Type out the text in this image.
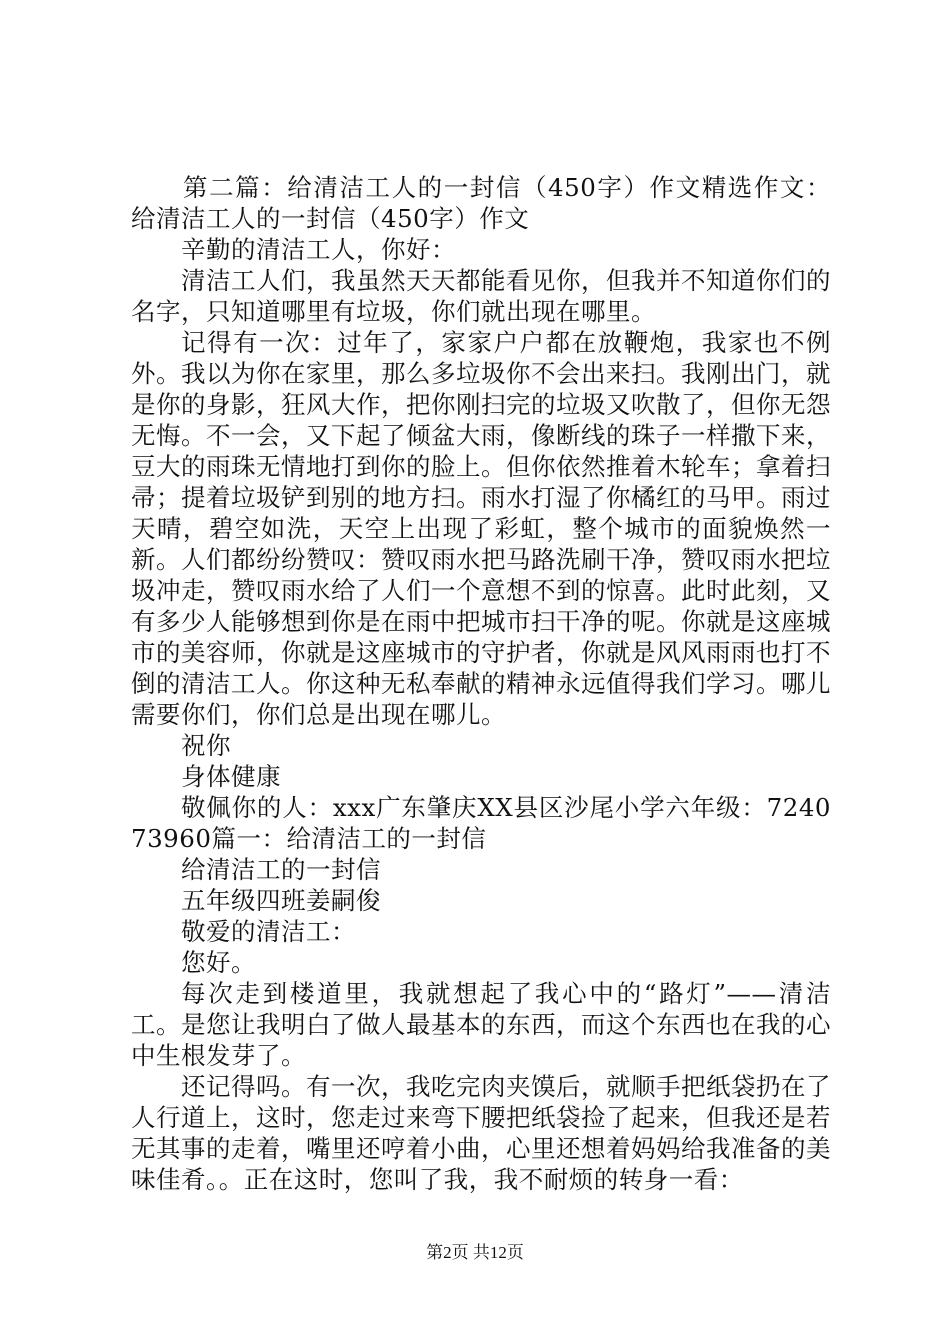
第二篇：给清洁工人的一封信（450字）作文精选作文：给清洁工人的一封信（450字）作文

辛勤的清洁工人，你好：

清洁工人们，我虽然天天都能看见你，但我并不知道你们的名字，只知道哪里有垃圾，你们就出现在哪里。

记得有一次：过年了，家家户户都在放鞭炮，我家也不例外。我以为你在家里，那么多垃圾你不会出来扫。我刚出门，就是你的身影，狂风大作，把你刚扫完的垃圾又吹散了，但你无怨无悔。不一会，又下起了倾盆大雨，像断线的珠子一样撒下来，豆大的雨珠无情地打到你的脸上。但你依然推着木轮车；拿着扫帚；提着垃圾铲到别的地方扫。雨水打湿了你橘红的马甲。雨过天晴，碧空如洗，天空上出现了彩虹，整个城市的面貌焕然一新。人们都纷纷赞叹：赞叹雨水把马路洗刷干净，赞叹雨水把垃圾冲走，赞叹雨水给了人们一个意想不到的惊喜。此时此刻，又有多少人能够想到你是在雨中把城市扫干净的呢。你就是这座城市的美容师，你就是这座城市的守护者，你就是风风雨雨也打不倒的清洁工人。你这种无私奉献的精神永远值得我们学习。哪儿需要你们，你们总是出现在哪儿。

祝你

身体健康

敬佩你的人：xxx广东肇庆XX县区沙尾小学六年级：724073960篇一：给清洁工的一封信

给清洁工的一封信

五年级四班姜嗣俊

敬爱的清洁工：

您好。

每次走到楼道里，我就想起了我心中的“路灯”——清洁工。是您让我明白了做人最基本的东西，而这个东西也在我的心中生根发芽了。

还记得吗。有一次，我吃完肉夹馍后，就顺手把纸袋扔在了人行道上，这时，您走过来弯下腰把纸袋捡了起来，但我还是若无其事的走着，嘴里还哼着小曲，心里还想着妈妈给我准备的美味佳肴。。正在这时，您叫了我，我不耐烦的转身一看：

第2页 共12页
